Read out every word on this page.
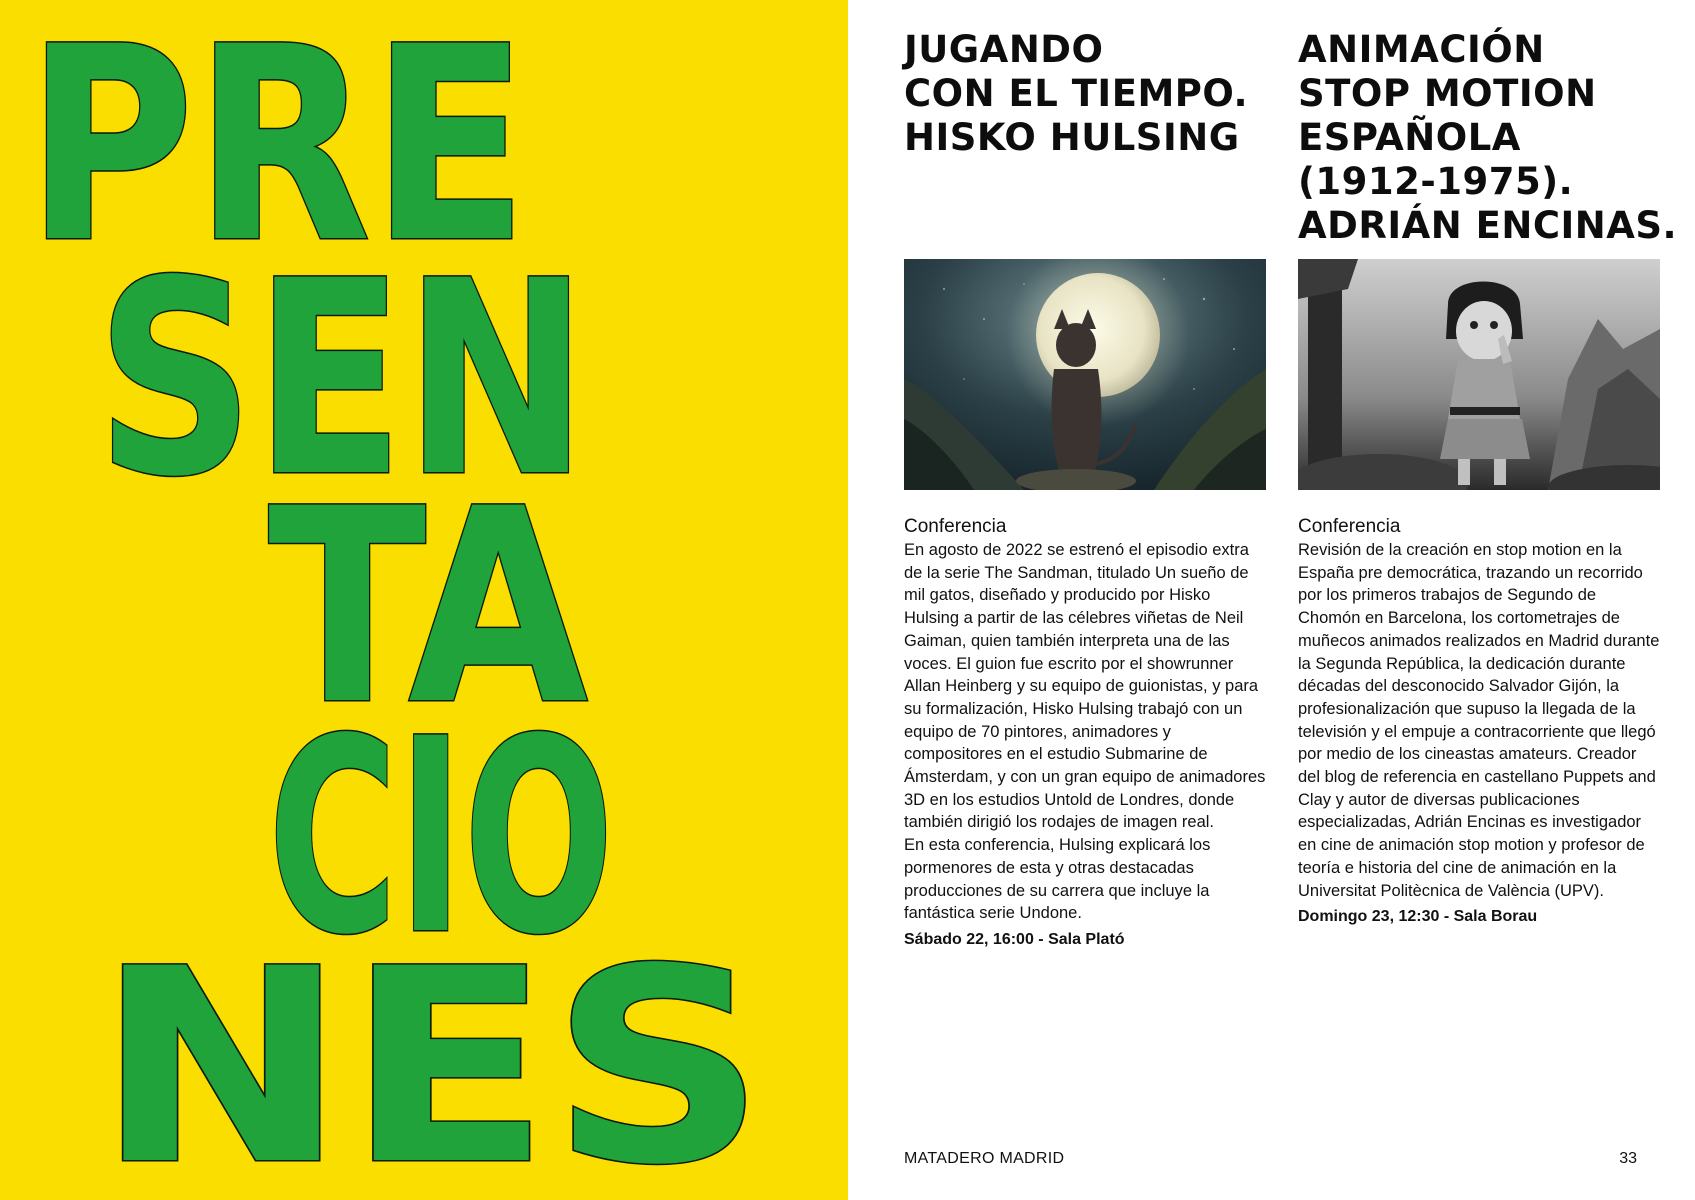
PRE
SEN
TA
CIO
NES
JUGANDO
CON EL TIEMPO.
HISKO HULSING

Conferencia

En agosto de 2022 se estrenó el episodio extra de la serie The Sandman, titulado Un sueño de mil gatos, diseñado y producido por Hisko Hulsing a partir de las célebres viñetas de Neil Gaiman, quien también interpreta una de las voces. El guion fue escrito por el showrunner Allan Heinberg y su equipo de guionistas, y para su formalización, Hisko Hulsing trabajó con un equipo de 70 pintores, animadores y compositores en el estudio Submarine de Ámsterdam, y con un gran equipo de animadores 3D en los estudios Untold de Londres, donde también dirigió los rodajes de imagen real.

En esta conferencia, Hulsing explicará los pormenores de esta y otras destacadas producciones de su carrera que incluye la fantástica serie Undone.

Sábado 22, 16:00 - Sala Plató

ANIMACIÓN
STOP MOTION
ESPAÑOLA
(1912-1975).
ADRIÁN ENCINAS.

Conferencia

Revisión de la creación en stop motion en la España pre democrática, trazando un recorrido por los primeros trabajos de Segundo de Chomón en Barcelona, los cortometrajes de muñecos animados realizados en Madrid durante la Segunda República, la dedicación durante décadas del desconocido Salvador Gijón, la profesionalización que supuso la llegada de la televisión y el empuje a contracorriente que llegó por medio de los cineastas amateurs. Creador del blog de referencia en castellano Puppets and Clay y autor de diversas publicaciones especializadas, Adrián Encinas es investigador en cine de animación stop motion y profesor de teoría e historia del cine de animación en la Universitat Politècnica de València (UPV).

Domingo 23, 12:30 - Sala Borau

MATADERO MADRID	33
